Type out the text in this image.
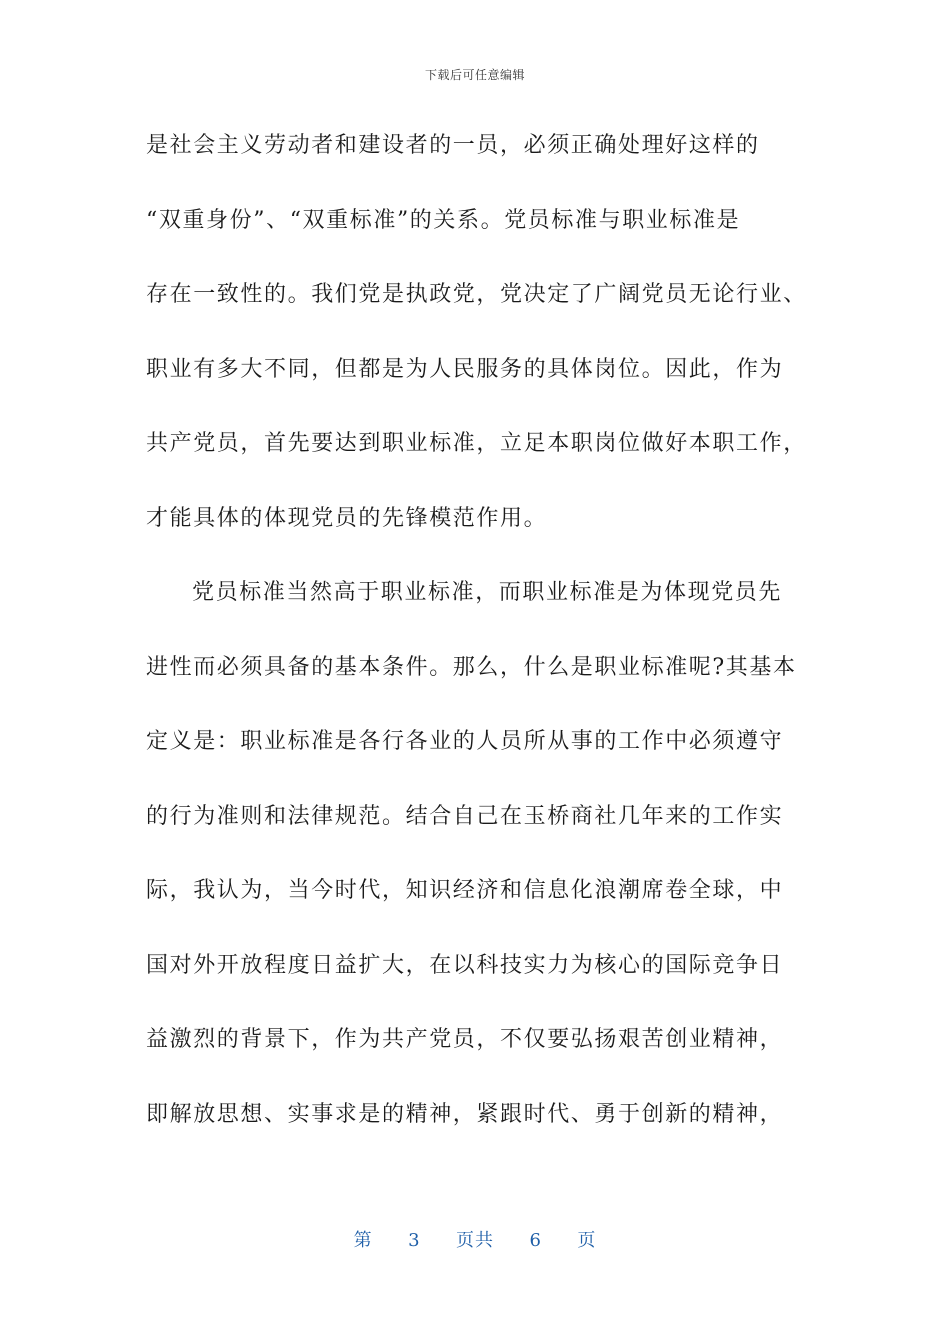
下载后可任意编辑
是社会主义劳动者和建设者的一员，必须正确处理好这样的
“双重身份”、“双重标准”的关系。党员标准与职业标准是
存在一致性的。我们党是执政党，党决定了广阔党员无论行业、
职业有多大不同，但都是为人民服务的具体岗位。因此，作为
共产党员，首先要达到职业标准，立足本职岗位做好本职工作，
才能具体的体现党员的先锋模范作用。
党员标准当然高于职业标准，而职业标准是为体现党员先
进性而必须具备的基本条件。那么，什么是职业标准呢?其基本
定义是：职业标准是各行各业的人员所从事的工作中必须遵守
的行为准则和法律规范。结合自己在玉桥商社几年来的工作实
际，我认为，当今时代，知识经济和信息化浪潮席卷全球，中
国对外开放程度日益扩大，在以科技实力为核心的国际竞争日
益激烈的背景下，作为共产党员，不仅要弘扬艰苦创业精神，
即解放思想、实事求是的精神，紧跟时代、勇于创新的精神，
第 3 页共 6 页
